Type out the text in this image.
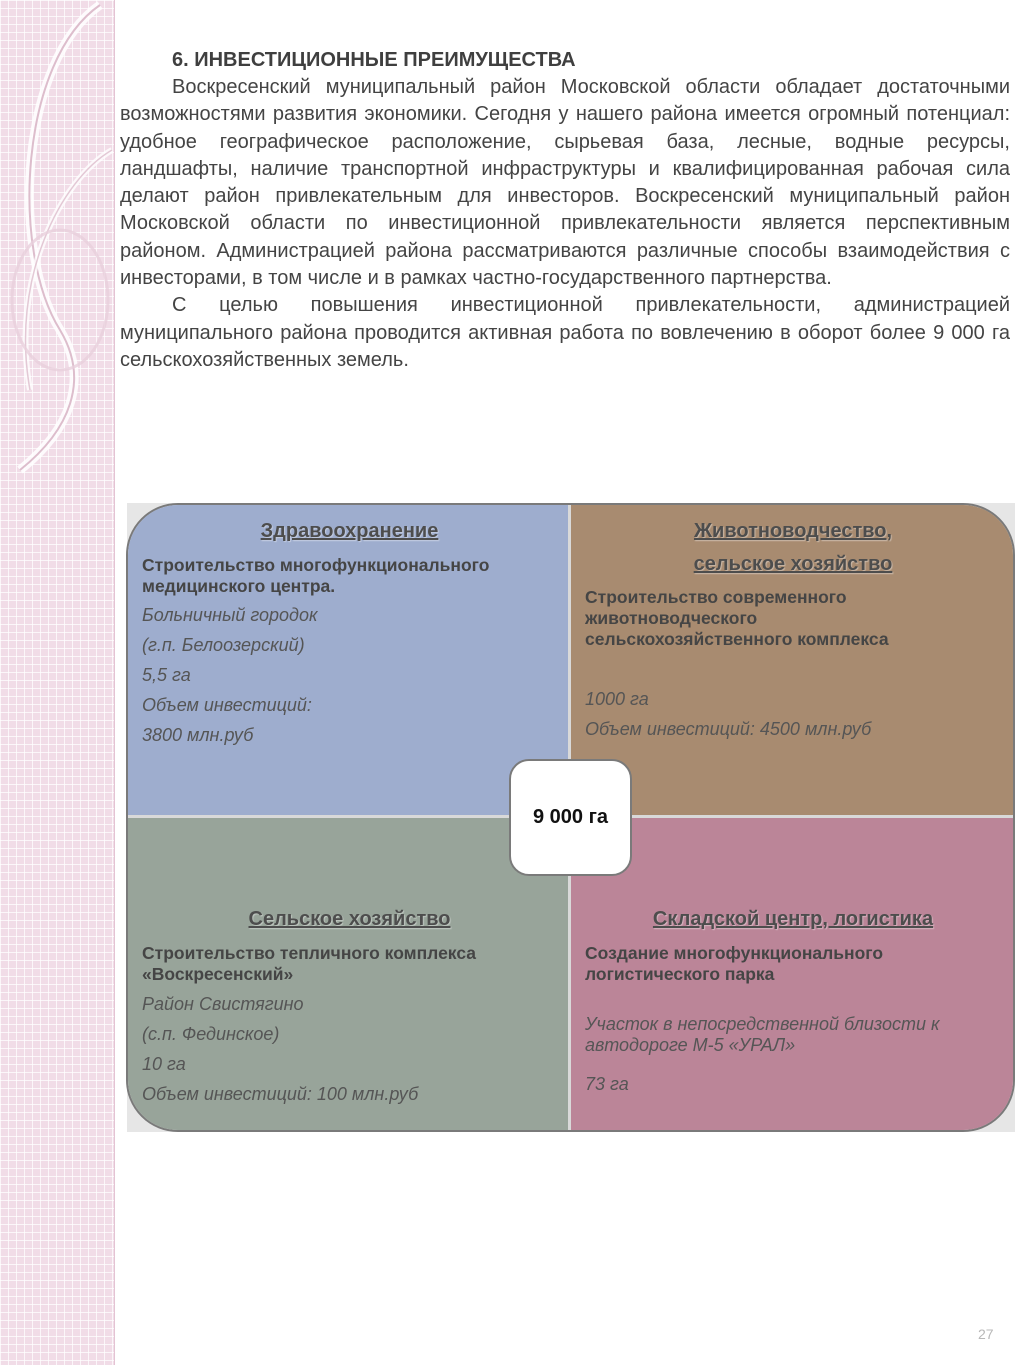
6. ИНВЕСТИЦИОННЫЕ ПРЕИМУЩЕСТВА

Воскресенский муниципальный район Московской области обладает достаточными возможностями развития экономики. Сегодня у нашего района имеется огромный потенциал: удобное географическое расположение, сырьевая база, лесные, водные ресурсы, ландшафты, наличие транспортной инфраструктуры и квалифицированная рабочая сила делают район привлекательным для инвесторов. Воскресенский муниципальный район Московской области по инвестиционной привлекательности является перспективным районом. Администрацией района рассматриваются различные способы взаимодействия с инвесторами, в том числе и в рамках частно-государственного партнерства.

С целью повышения инвестиционной привлекательности, администрацией муниципального района проводится активная работа по вовлечению в оборот более 9 000 га сельскохозяйственных земель.

Здравоохранение
Строительство многофункционального медицинского центра.
Больничный городок
(г.п. Белоозерский)
5,5 га
Объем инвестиций:
3800 млн.руб
Животноводчество,
сельское хозяйство
Строительство современного животноводческого сельскохозяйственного комплекса
1000 га
Объем инвестиций: 4500 млн.руб
Сельское хозяйство
Строительство тепличного комплекса «Воскресенский»
Район Свистягино
(с.п. Фединское)
10 га
Объем инвестиций: 100 млн.руб
Складской центр, логистика
Создание многофункционального логистического парка
Участок в непосредственной близости к автодороге М-5 «УРАЛ»
73 га
9 000 га
27
